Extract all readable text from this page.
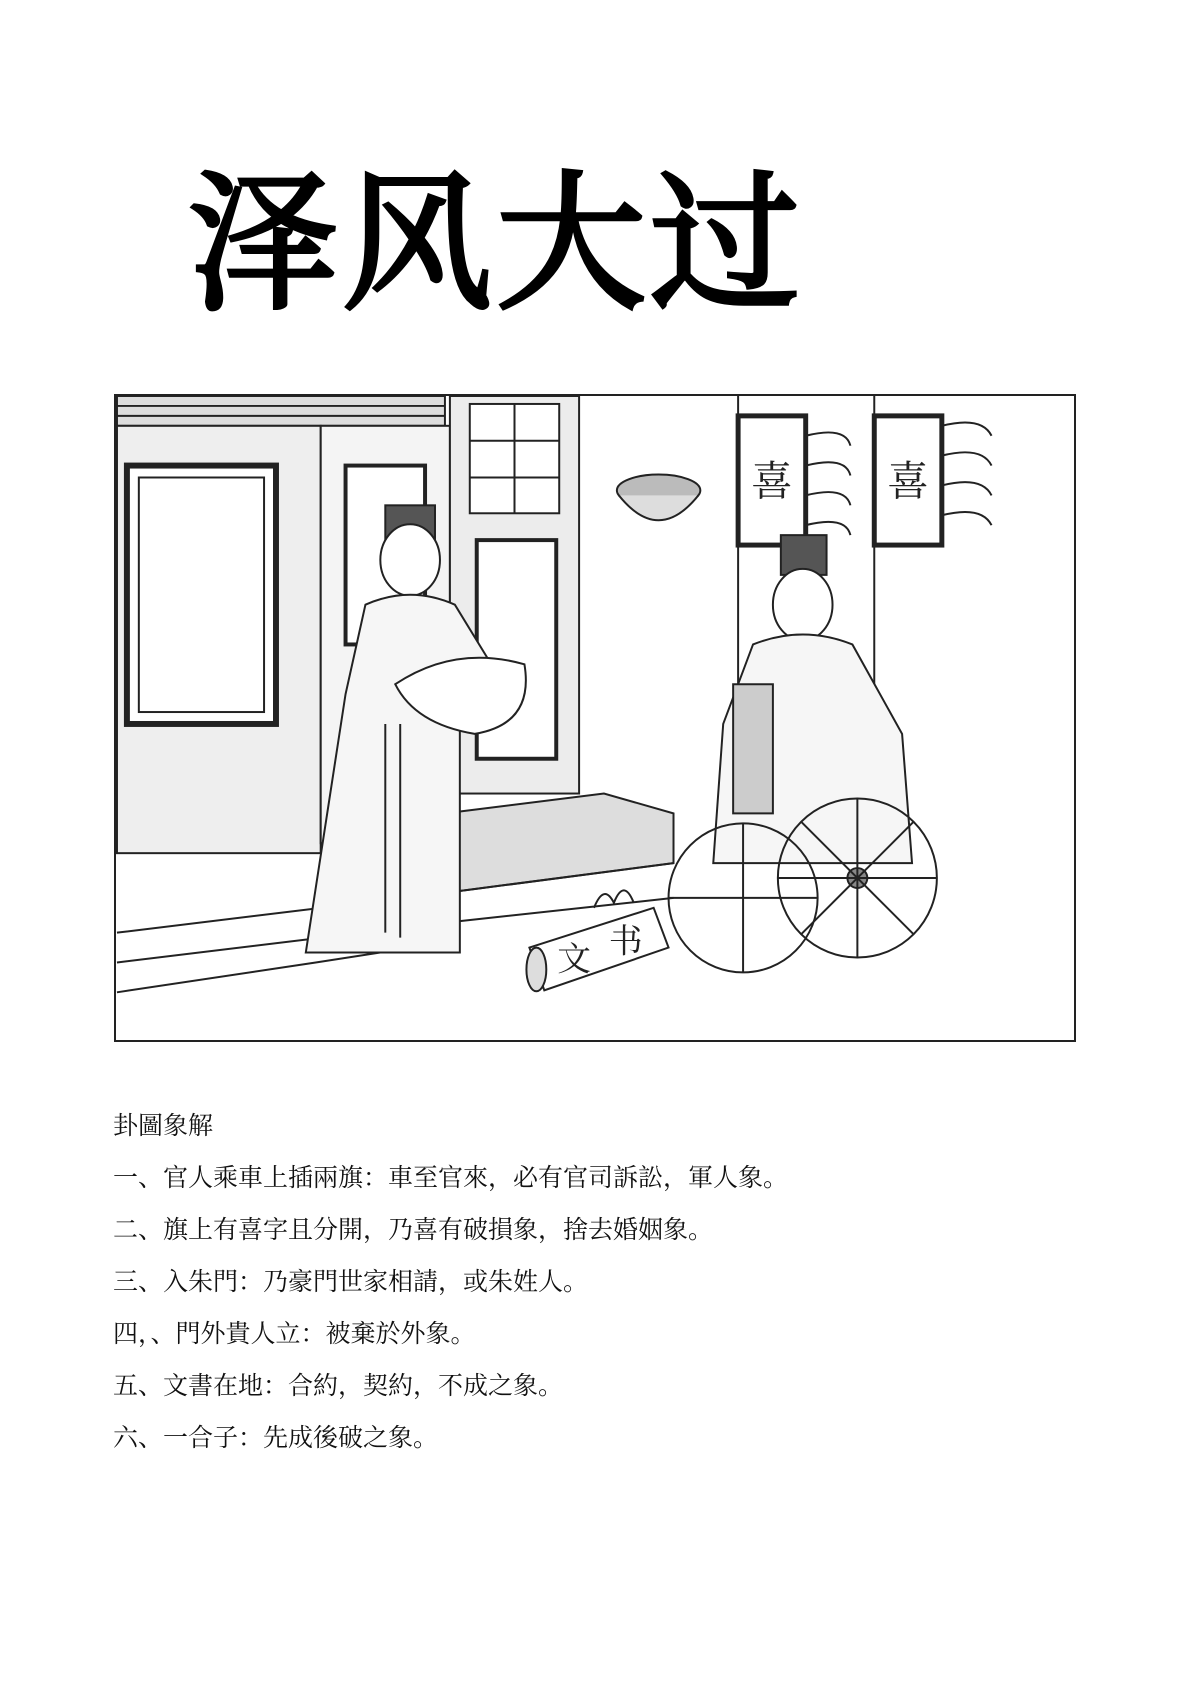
泽风大过
喜 喜
文 书
卦圖象解
一、官人乘車上插兩旗：車至官來，必有官司訴訟，軍人象。
二、旗上有喜字且分開，乃喜有破損象，捨去婚姻象。
三、入朱門：乃豪門世家相請，或朱姓人。
四，、門外貴人立：被棄於外象。
五、文書在地：合約，契約，不成之象。
六、一合子：先成後破之象。
